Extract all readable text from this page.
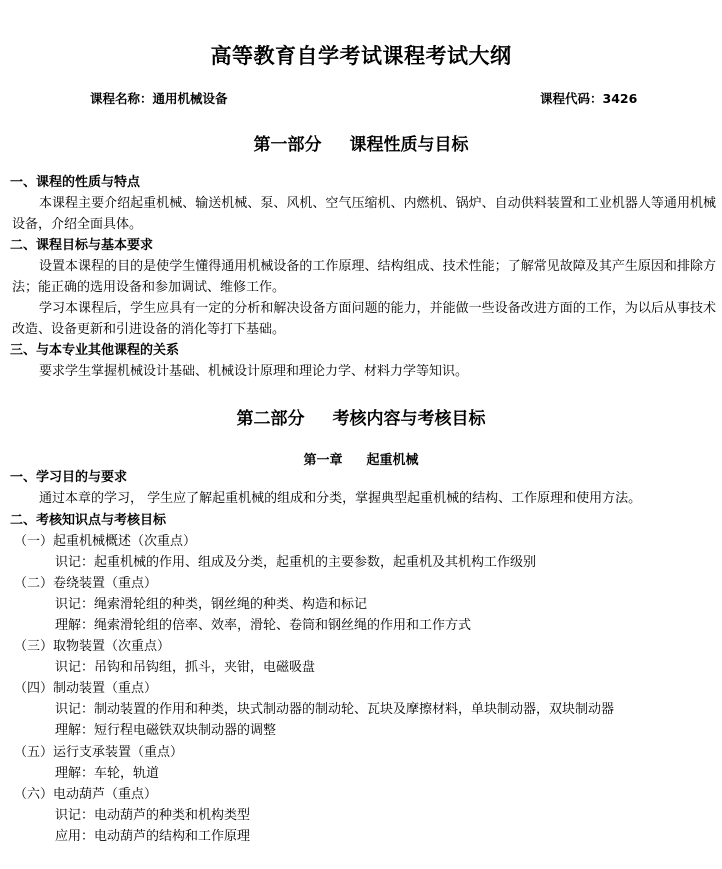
高等教育自学考试课程考试大纲
课程名称：通用机械设备	课程代码：3426
第一部分 课程性质与目标
一、课程的性质与特点
本课程主要介绍起重机械、输送机械、泵、风机、空气压缩机、内燃机、锅炉、自动供料装置和工业机器人等通用机械设备，介绍全面具体。
二、课程目标与基本要求
设置本课程的目的是使学生懂得通用机械设备的工作原理、结构组成、技术性能；了解常见故障及其产生原因和排除方法；能正确的选用设备和参加调试、维修工作。
学习本课程后，学生应具有一定的分析和解决设备方面问题的能力，并能做一些设备改进方面的工作，为以后从事技术改造、设备更新和引进设备的消化等打下基础。
三、与本专业其他课程的关系
要求学生掌握机械设计基础、机械设计原理和理论力学、材料力学等知识。
第二部分 考核内容与考核目标
第一章 起重机械
一、学习目的与要求
通过本章的学习， 学生应了解起重机械的组成和分类，掌握典型起重机械的结构、工作原理和使用方法。
二、考核知识点与考核目标
（一）起重机械概述（次重点）
识记：起重机械的作用、组成及分类，起重机的主要参数，起重机及其机构工作级别
（二）卷绕装置（重点）
识记：绳索滑轮组的种类，钢丝绳的种类、构造和标记
理解：绳索滑轮组的倍率、效率，滑轮、卷筒和钢丝绳的作用和工作方式
（三）取物装置（次重点）
识记：吊钩和吊钩组，抓斗，夹钳，电磁吸盘
（四）制动装置（重点）
识记：制动装置的作用和种类，块式制动器的制动轮、瓦块及摩擦材料，单块制动器，双块制动器
理解：短行程电磁铁双块制动器的调整
（五）运行支承装置（重点）
理解：车轮，轨道
（六）电动葫芦（重点）
识记：电动葫芦的种类和机构类型
应用：电动葫芦的结构和工作原理
